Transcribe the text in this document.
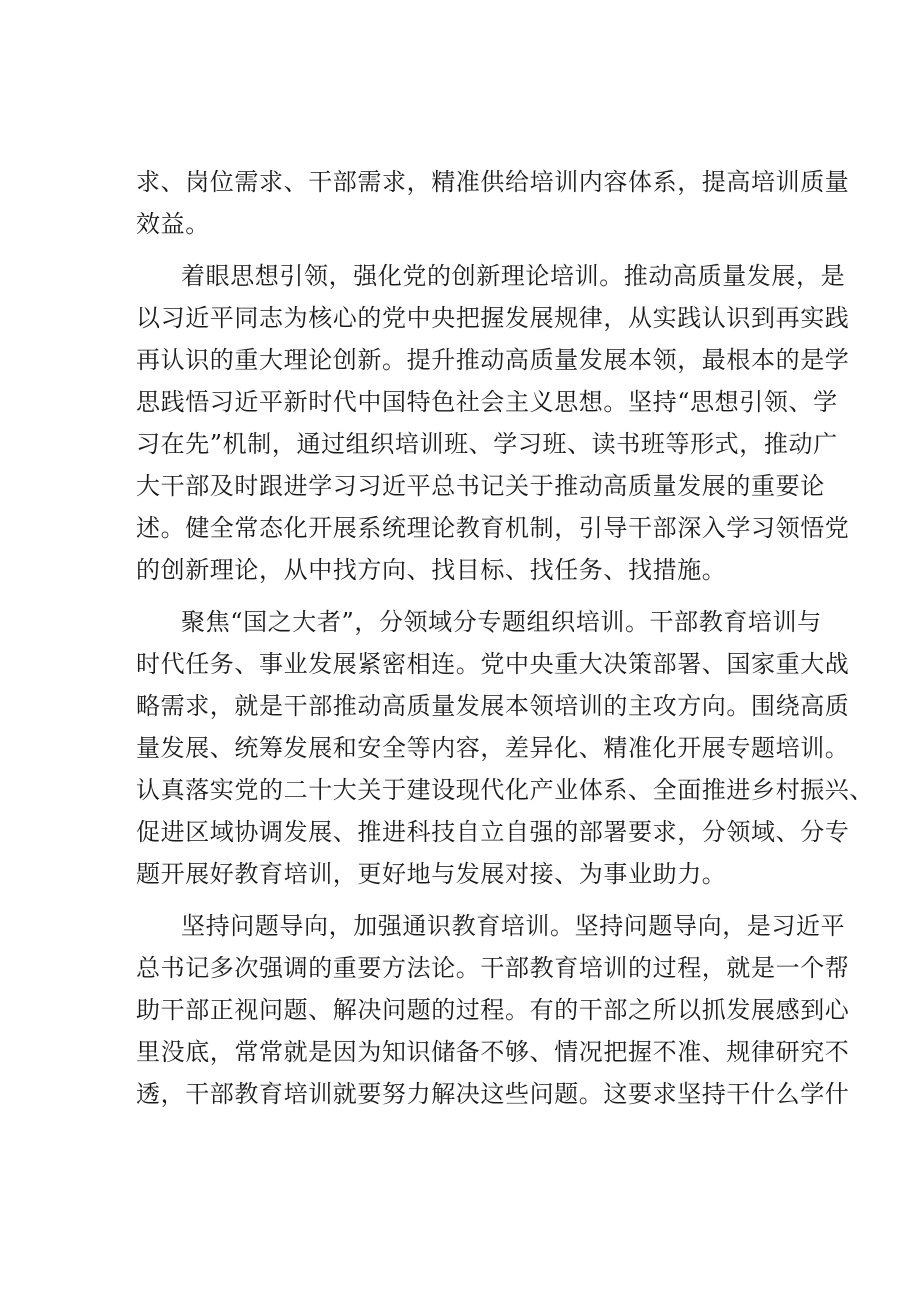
求、岗位需求、干部需求，精准供给培训内容体系，提高培训质量
效益。
着眼思想引领，强化党的创新理论培训。推动高质量发展，是
以习近平同志为核心的党中央把握发展规律，从实践认识到再实践
再认识的重大理论创新。提升推动高质量发展本领，最根本的是学
思践悟习近平新时代中国特色社会主义思想。坚持“思想引领、学
习在先”机制，通过组织培训班、学习班、读书班等形式，推动广
大干部及时跟进学习习近平总书记关于推动高质量发展的重要论
述。健全常态化开展系统理论教育机制，引导干部深入学习领悟党
的创新理论，从中找方向、找目标、找任务、找措施。
聚焦“国之大者”，分领域分专题组织培训。干部教育培训与
时代任务、事业发展紧密相连。党中央重大决策部署、国家重大战
略需求，就是干部推动高质量发展本领培训的主攻方向。围绕高质
量发展、统筹发展和安全等内容，差异化、精准化开展专题培训。
认真落实党的二十大关于建设现代化产业体系、全面推进乡村振兴、
促进区域协调发展、推进科技自立自强的部署要求，分领域、分专
题开展好教育培训，更好地与发展对接、为事业助力。
坚持问题导向，加强通识教育培训。坚持问题导向，是习近平
总书记多次强调的重要方法论。干部教育培训的过程，就是一个帮
助干部正视问题、解决问题的过程。有的干部之所以抓发展感到心
里没底，常常就是因为知识储备不够、情况把握不准、规律研究不
透，干部教育培训就要努力解决这些问题。这要求坚持干什么学什
